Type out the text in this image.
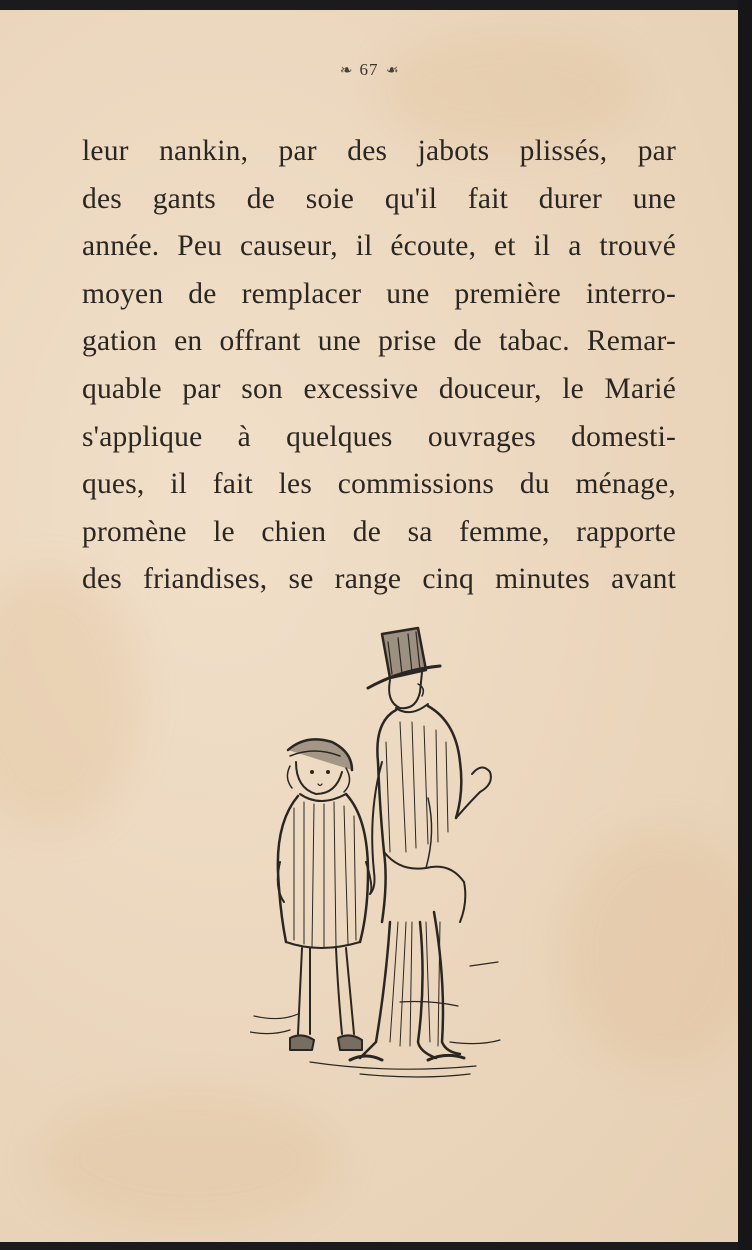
❧ 67 ❧
leur nankin, par des jabots plissés, par
des gants de soie qu'il fait durer une
année. Peu causeur, il écoute, et il a trouvé
moyen de remplacer une première interro-
gation en offrant une prise de tabac. Remar-
quable par son excessive douceur, le Marié
s'applique à quelques ouvrages domesti-
ques, il fait les commissions du ménage,
promène le chien de sa femme, rapporte
des friandises, se range cinq minutes avant
